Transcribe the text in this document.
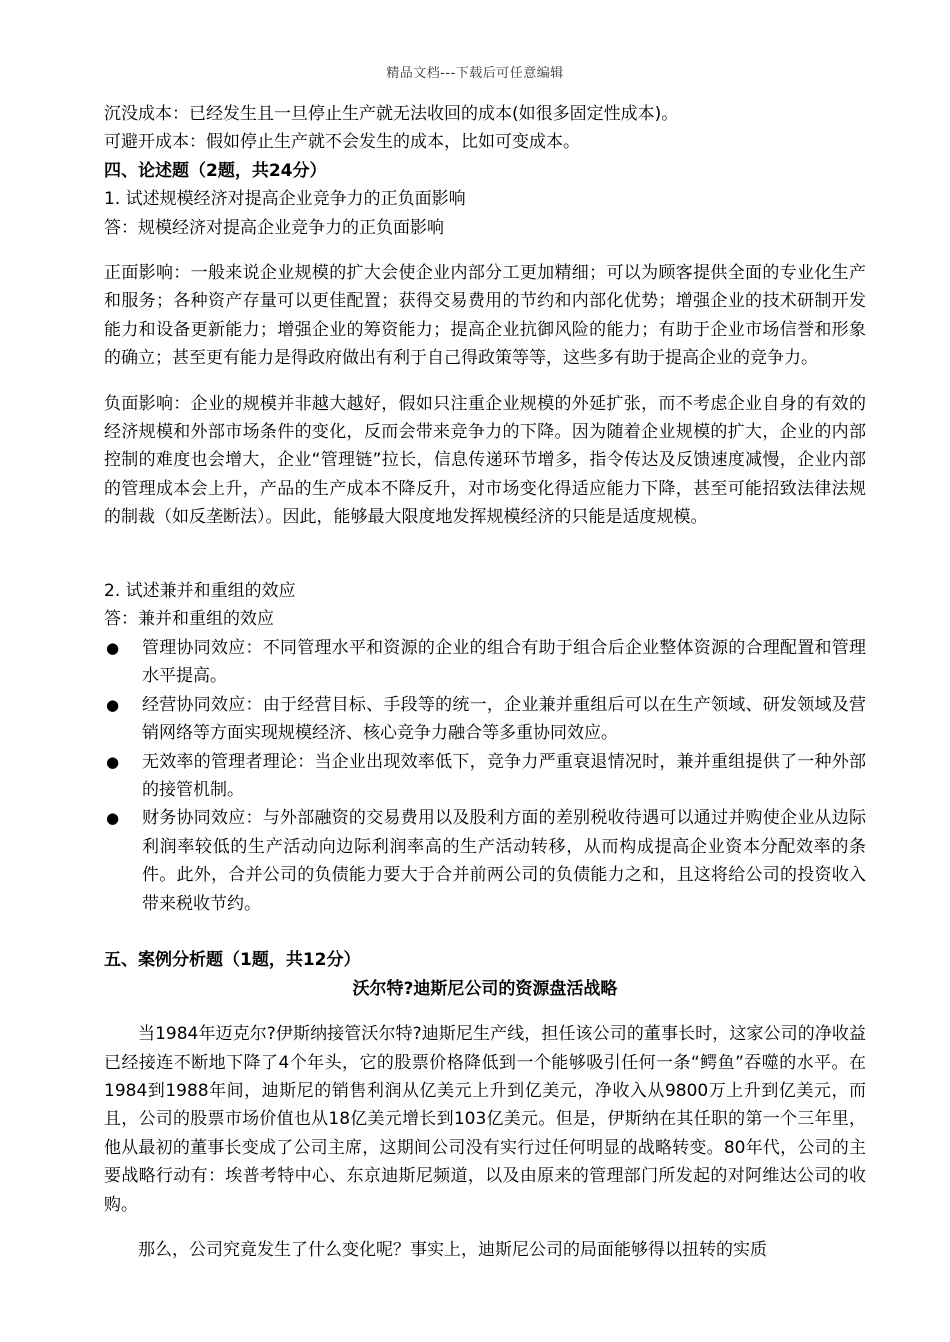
精品文档---下载后可任意编辑

沉没成本：已经发生且一旦停止生产就无法收回的成本(如很多固定性成本)。

可避开成本：假如停止生产就不会发生的成本，比如可变成本。

四、论述题（2题，共24分）

1. 试述规模经济对提高企业竞争力的正负面影响

答：规模经济对提高企业竞争力的正负面影响

正面影响：一般来说企业规模的扩大会使企业内部分工更加精细；可以为顾客提供全面的专业化生产和服务；各种资产存量可以更佳配置；获得交易费用的节约和内部化优势；增强企业的技术研制开发能力和设备更新能力；增强企业的筹资能力；提高企业抗御风险的能力；有助于企业市场信誉和形象的确立；甚至更有能力是得政府做出有利于自己得政策等等，这些多有助于提高企业的竞争力。

负面影响：企业的规模并非越大越好，假如只注重企业规模的外延扩张，而不考虑企业自身的有效的经济规模和外部市场条件的变化，反而会带来竞争力的下降。因为随着企业规模的扩大，企业的内部控制的难度也会增大，企业“管理链”拉长，信息传递环节增多，指令传达及反馈速度减慢，企业内部的管理成本会上升，产品的生产成本不降反升，对市场变化得适应能力下降，甚至可能招致法律法规的制裁（如反垄断法）。因此，能够最大限度地发挥规模经济的只能是适度规模。

2. 试述兼并和重组的效应

答：兼并和重组的效应

● 管理协同效应：不同管理水平和资源的企业的组合有助于组合后企业整体资源的合理配置和管理水平提高。
● 经营协同效应：由于经营目标、手段等的统一，企业兼并重组后可以在生产领域、研发领域及营销网络等方面实现规模经济、核心竞争力融合等多重协同效应。
● 无效率的管理者理论：当企业出现效率低下，竞争力严重衰退情况时，兼并重组提供了一种外部的接管机制。
● 财务协同效应：与外部融资的交易费用以及股利方面的差别税收待遇可以通过并购使企业从边际利润率较低的生产活动向边际利润率高的生产活动转移，从而构成提高企业资本分配效率的条件。此外，合并公司的负债能力要大于合并前两公司的负债能力之和，且这将给公司的投资收入带来税收节约。

五、案例分析题（1题，共12分）

沃尔特?迪斯尼公司的资源盘活战略

当1984年迈克尔?伊斯纳接管沃尔特?迪斯尼生产线，担任该公司的董事长时，这家公司的净收益已经接连不断地下降了4个年头，它的股票价格降低到一个能够吸引任何一条“鳄鱼”吞噬的水平。在1984到1988年间，迪斯尼的销售利润从亿美元上升到亿美元，净收入从9800万上升到亿美元，而且，公司的股票市场价值也从18亿美元增长到103亿美元。但是，伊斯纳在其任职的第一个三年里，他从最初的董事长变成了公司主席，这期间公司没有实行过任何明显的战略转变。80年代，公司的主要战略行动有：埃普考特中心、东京迪斯尼频道，以及由原来的管理部门所发起的对阿维达公司的收购。

那么，公司究竟发生了什么变化呢？事实上，迪斯尼公司的局面能够得以扭转的实质
